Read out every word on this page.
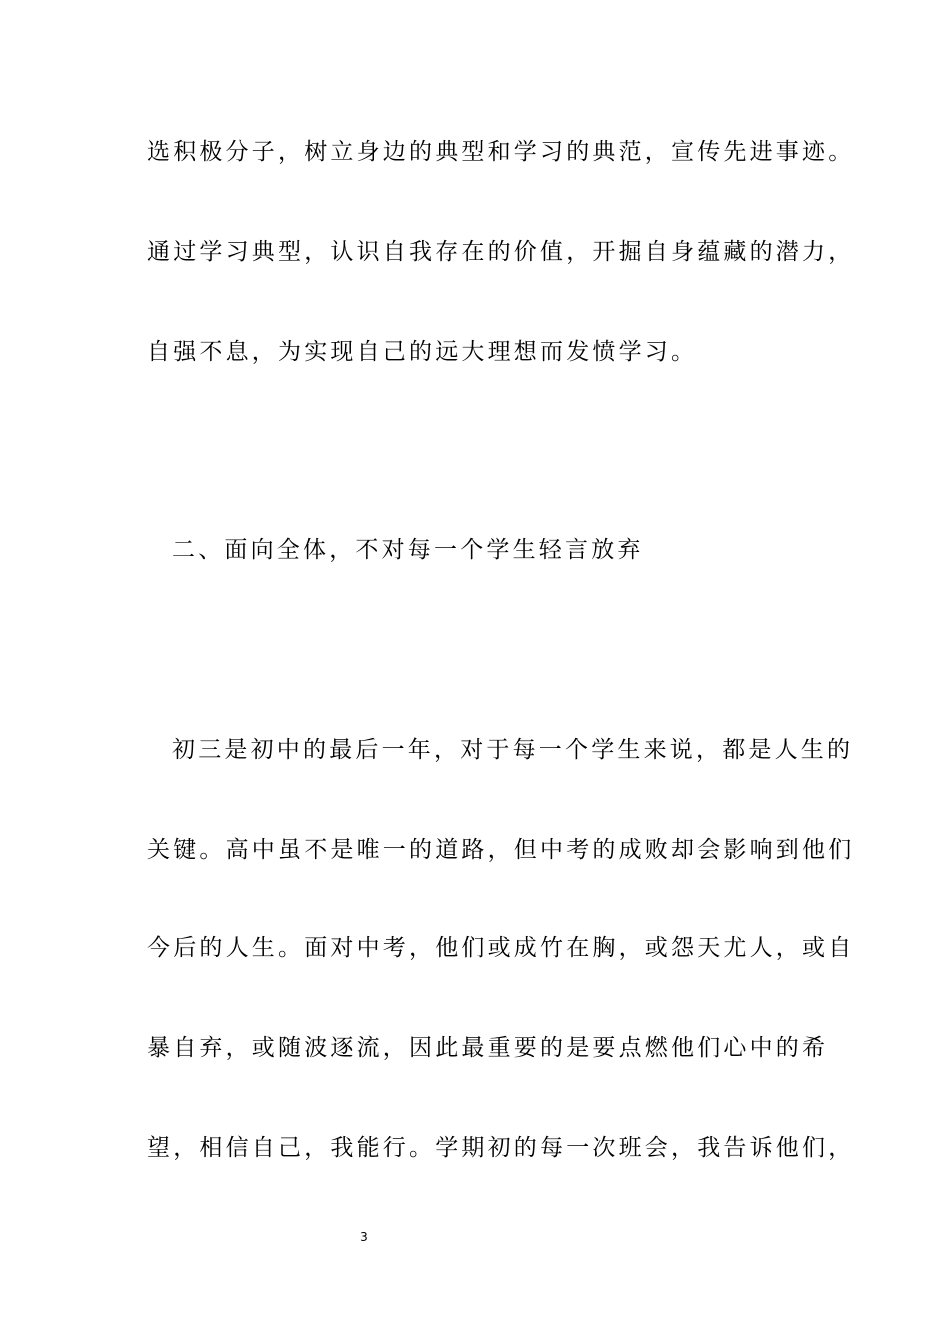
选积极分子，树立身边的典型和学习的典范，宣传先进事迹。

通过学习典型，认识自我存在的价值，开掘自身蕴藏的潜力，

自强不息，为实现自己的远大理想而发愤学习。

二、面向全体，不对每一个学生轻言放弃

初三是初中的最后一年，对于每一个学生来说，都是人生的

关键。高中虽不是唯一的道路，但中考的成败却会影响到他们

今后的人生。面对中考，他们或成竹在胸，或怨天尤人，或自

暴自弃，或随波逐流，因此最重要的是要点燃他们心中的希

望，相信自己，我能行。学期初的每一次班会，我告诉他们，

3
